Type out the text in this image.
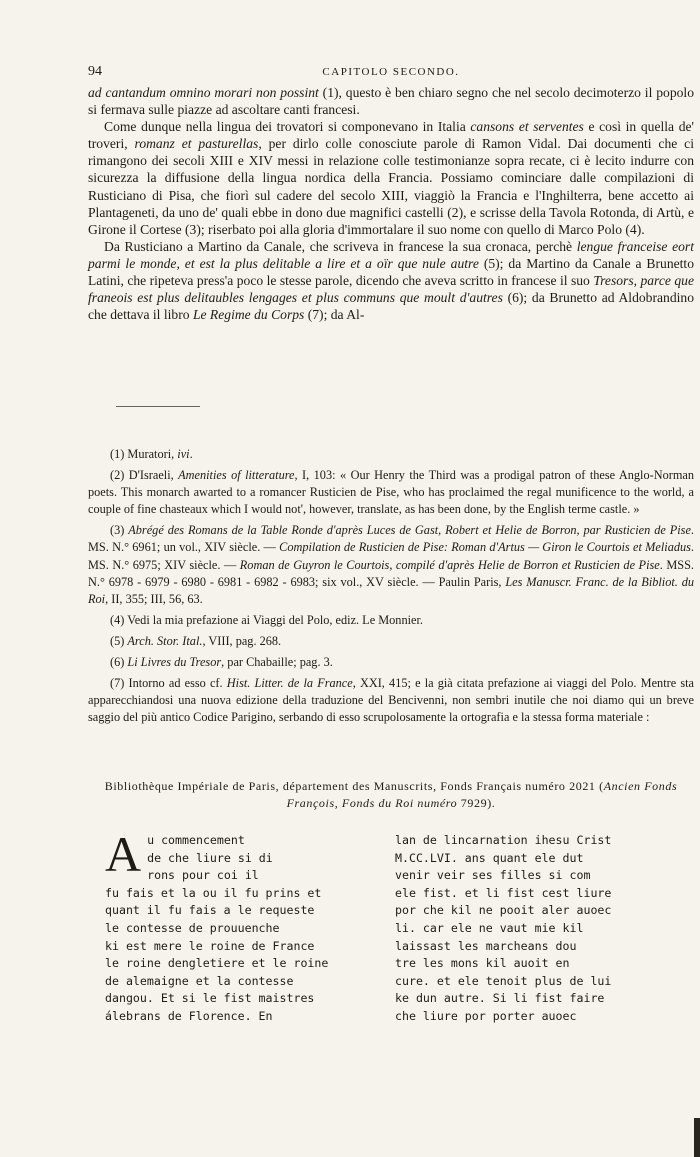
94	CAPITOLO SECONDO.

ad cantandum omnino morari non possint (1), questo è ben chiaro segno che nel secolo decimoterzo il popolo si fermava sulle piazze ad ascoltare canti francesi.

Come dunque nella lingua dei trovatori si componevano in Italia cansons et serventes e così in quella de' troveri, romanz et pasturellas, per dirlo colle conosciute parole di Ramon Vidal. Dai documenti che ci rimangono dei secoli XIII e XIV messi in relazione colle testimonianze sopra recate, ci è lecito indurre con sicurezza la diffusione della lingua nordica della Francia. Possiamo cominciare dalle compilazioni di Rusticiano di Pisa, che fiorì sul cadere del secolo XIII, viaggiò la Francia e l'Inghilterra, bene accetto ai Plantageneti, da uno de' quali ebbe in dono due magnifici castelli (2), e scrisse della Tavola Rotonda, di Artù, e Girone il Cortese (3); riserbato poi alla gloria d'immortalare il suo nome con quello di Marco Polo (4).

Da Rusticiano a Martino da Canale, che scriveva in francese la sua cronaca, perchè lengue franceise eort parmi le monde, et est la plus delitable a lire et a oïr que nule autre (5); da Martino da Canale a Brunetto Latini, che ripeteva press'a poco le stesse parole, dicendo che aveva scritto in francese il suo Tresors, parce que franeois est plus delitaubles lengages et plus communs que moult d'autres (6); da Brunetto ad Aldobrandino che dettava il libro Le Regime du Corps (7); da Al-

(1) Muratori, ivi.

(2) D'Israeli, Amenities of litterature, I, 103: « Our Henry the Third was a prodigal patron of these Anglo-Norman poets. This monarch awarted to a romancer Rusticien de Pise, who has proclaimed the regal munificence to the world, a couple of fine chasteaux which I would not', however, translate, as has been done, by the English terme castle. »

(3) Abrégé des Romans de la Table Ronde d'après Luces de Gast, Robert et Helie de Borron, par Rusticien de Pise. MS. N.° 6961; un vol., XIV siècle. — Compilation de Rusticien de Pise: Roman d'Artus — Giron le Courtois et Meliadus. MS. N.° 6975; XIV siècle. — Roman de Guyron le Courtois, compilé d'après Helie de Borron et Rusticien de Pise. MSS. N.° 6978 - 6979 - 6980 - 6981 - 6982 - 6983; six vol., XV siècle. — Paulin Paris, Les Manuscr. Franc. de la Bibliot. du Roi, II, 355; III, 56, 63.

(4) Vedi la mia prefazione ai Viaggi del Polo, ediz. Le Monnier.

(5) Arch. Stor. Ital., VIII, pag. 268.

(6) Li Livres du Tresor, par Chabaille; pag. 3.

(7) Intorno ad esso cf. Hist. Litter. de la France, XXI, 415; e la già citata prefazione ai viaggi del Polo. Mentre sta apparecchiandosi una nuova edizione della traduzione del Bencivenni, non sembri inutile che noi diamo qui un breve saggio del più antico Codice Parigino, serbando di esso scrupolosamente la ortografia e la stessa forma materiale :

Bibliothèque Impériale de Paris, département des Manuscrits, Fonds Français numéro 2021 (Ancien Fonds François, Fonds du Roi numéro 7929).
A u commencement
de che liure si di
rons pour coi il
fu fais et la ou il fu prins et
quant il fu fais a le requeste
le contesse de prouuenche
ki est mere le roine de France
le roine dengletiere et le roine
de alemaigne et la contesse
dangou. Et si le fist maistres
álebrans de Florence. En
lan de lincarnation ihesu Crist
M.CC.LVI. ans quant ele dut
venir veir ses filles si com
ele fist. et li fist cest liure
por che kil ne pooit aler auoec
li. car ele ne vaut mie kil
laissast les marcheans dou
tre les mons kil auoit en
cure. et ele tenoit plus de lui
ke dun autre. Si li fist faire
che liure por porter auoec
